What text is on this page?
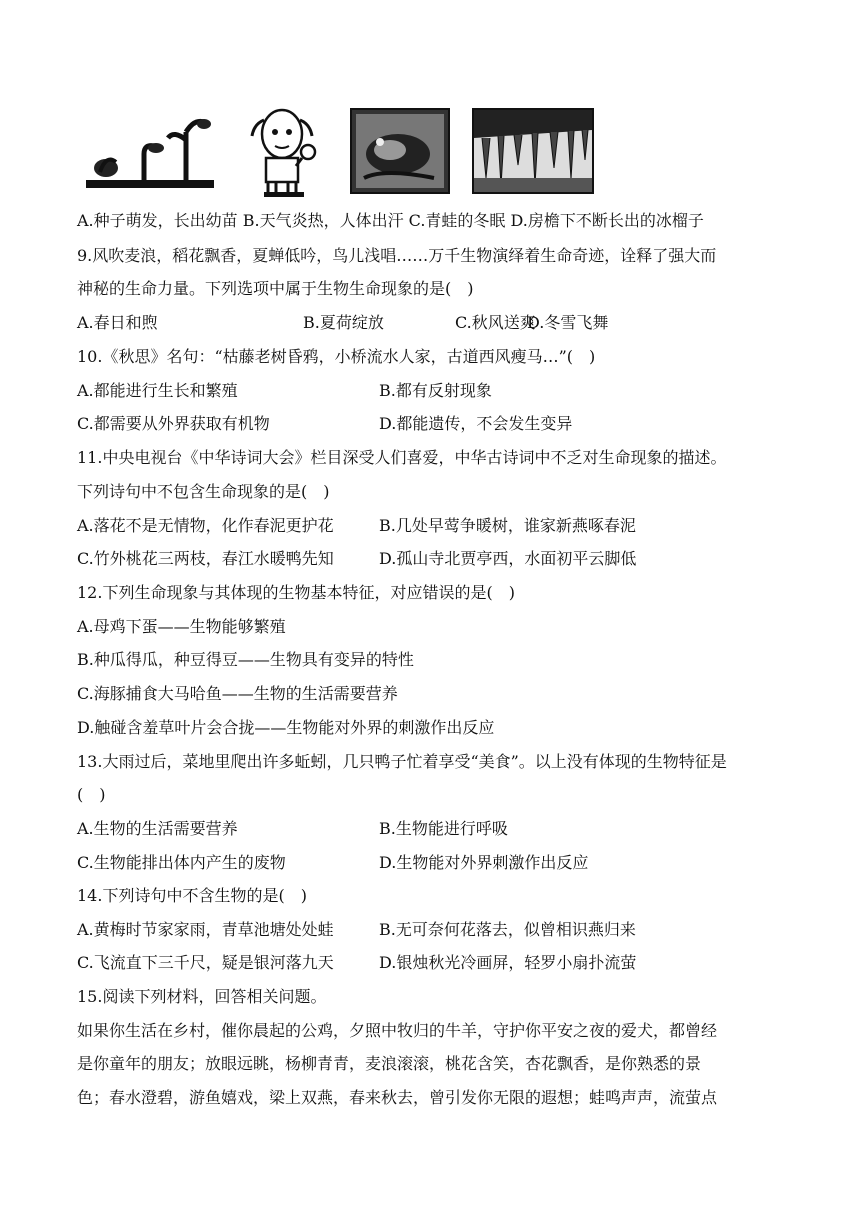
A.种子萌发，长出幼苗 B.天气炎热，人体出汗 C.青蛙的冬眠 D.房檐下不断长出的冰榴子
9.风吹麦浪，稻花飘香，夏蝉低吟，鸟儿浅唱……万千生物演绎着生命奇迹，诠释了强大而
神秘的生命力量。下列选项中属于生物生命现象的是(　)
A.春日和煦	B.夏荷绽放	C.秋风送爽
D.冬雪飞舞
10.《秋思》名句：“枯藤老树昏鸦，小桥流水人家，古道西风瘦马…”(　)
A.都能进行生长和繁殖	B.都有反射现象
C.都需要从外界获取有机物	D.都能遗传，不会发生变异
11.中央电视台《中华诗词大会》栏目深受人们喜爱，中华古诗词中不乏对生命现象的描述。
下列诗句中不包含生命现象的是(　)
A.落花不是无情物，化作春泥更护花	B.几处早莺争暖树，谁家新燕啄春泥
C.竹外桃花三两枝，春江水暖鸭先知	D.孤山寺北贾亭西，水面初平云脚低
12.下列生命现象与其体现的生物基本特征，对应错误的是(　)
A.母鸡下蛋——生物能够繁殖
B.种瓜得瓜，种豆得豆——生物具有变异的特性
C.海豚捕食大马哈鱼——生物的生活需要营养
D.触碰含羞草叶片会合拢——生物能对外界的刺激作出反应
13.大雨过后，菜地里爬出许多蚯蚓，几只鸭子忙着享受“美食”。以上没有体现的生物特征是
(　)
A.生物的生活需要营养	B.生物能进行呼吸
C.生物能排出体内产生的废物	D.生物能对外界刺激作出反应
14.下列诗句中不含生物的是(　)
A.黄梅时节家家雨，青草池塘处处蛙	B.无可奈何花落去，似曾相识燕归来
C.飞流直下三千尺，疑是银河落九天	D.银烛秋光冷画屏，轻罗小扇扑流萤
15.阅读下列材料，回答相关问题。
如果你生活在乡村，催你晨起的公鸡，夕照中牧归的牛羊，守护你平安之夜的爱犬，都曾经
是你童年的朋友；放眼远眺，杨柳青青，麦浪滚滚，桃花含笑，杏花飘香，是你熟悉的景
色；春水澄碧，游鱼嬉戏，梁上双燕，春来秋去，曾引发你无限的遐想；蛙鸣声声，流萤点
